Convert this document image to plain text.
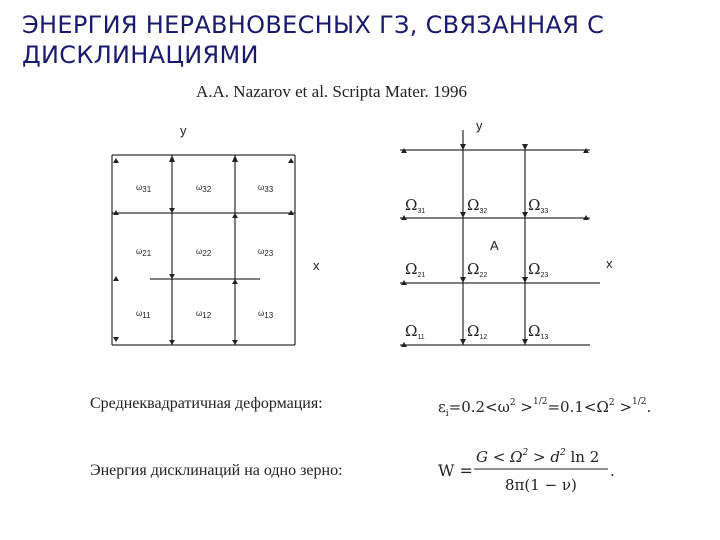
ЭНЕРГИЯ НЕРАВНОВЕСНЫХ ГЗ, СВЯЗАННАЯ С ДИСКЛИНАЦИЯМИ
A.A. Nazarov et al. Scripta Mater. 1996
y
x
ω31	ω32	ω33
ω21	ω22	ω23
ω11	ω12	ω13
y
x
A
Ω31	Ω32	Ω33
Ω21	Ω22	Ω23
Ω11	Ω12	Ω13
Среднеквадратичная деформация:
Энергия дисклинаций на одно зерно:
$\varepsilon_i=0.2<\omega^2 >^{1/2}=0.1<\Omega^2 >^{1/2}$.
W =
$G < \Omega^2 > d^2$ ln 2
8π(1 − ν)
.
